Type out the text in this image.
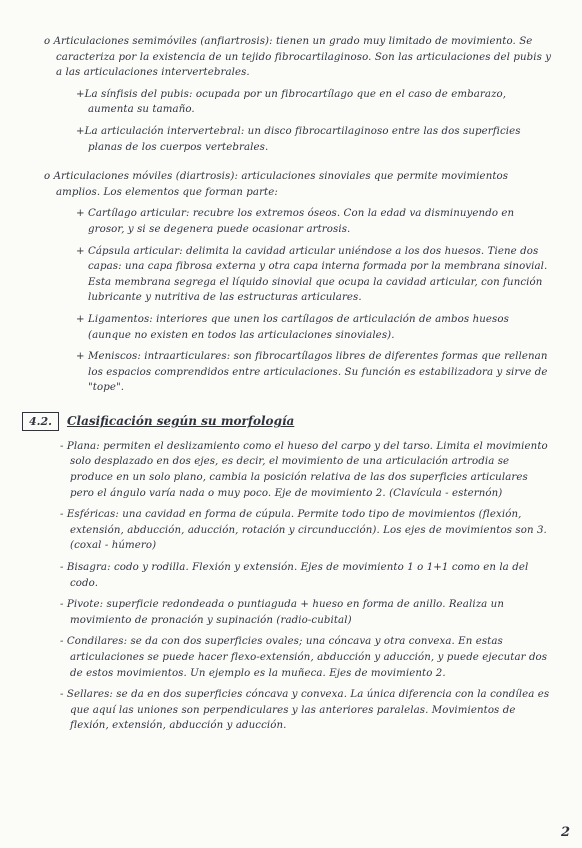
o Articulaciones semimóviles (anfiartrosis): tienen un grado muy limitado de movimiento. Se caracteriza por la existencia de un tejido fibrocartilaginoso. Son las articulaciones del pubis y a las articulaciones intervertebrales.
+La sínfisis del pubis: ocupada por un fibrocartílago que en el caso de embarazo, aumenta su tamaño.
+La articulación intervertebral: un disco fibrocartilaginoso entre las dos superficies planas de los cuerpos vertebrales.
o Articulaciones móviles (diartrosis): articulaciones sinoviales que permite movimientos amplios. Los elementos que forman parte:
+ Cartílago articular: recubre los extremos óseos. Con la edad va disminuyendo en grosor, y si se degenera puede ocasionar artrosis.
+ Cápsula articular: delimita la cavidad articular uniéndose a los dos huesos. Tiene dos capas: una capa fibrosa externa y otra capa interna formada por la membrana sinovial. Esta membrana segrega el líquido sinovial que ocupa la cavidad articular, con función lubricante y nutritiva de las estructuras articulares.
+ Ligamentos: interiores que unen los cartílagos de articulación de ambos huesos (aunque no existen en todos las articulaciones sinoviales).
+ Meniscos: intraarticulares: son fibrocartílagos libres de diferentes formas que rellenan los espacios comprendidos entre articulaciones. Su función es estabilizadora y sirve de "tope".
4.2.	Clasificación según su morfología
- Plana: permiten el deslizamiento como el hueso del carpo y del tarso. Limita el movimiento solo desplazado en dos ejes, es decir, el movimiento de una articulación artrodia se produce en un solo plano, cambia la posición relativa de las dos superficies articulares pero el ángulo varía nada o muy poco. Eje de movimiento 2. (Clavícula - esternón)
- Esféricas: una cavidad en forma de cúpula. Permite todo tipo de movimientos (flexión, extensión, abducción, aducción, rotación y circunducción). Los ejes de movimientos son 3. (coxal - húmero)
- Bisagra: codo y rodilla. Flexión y extensión. Ejes de movimiento 1 o 1+1 como en la del codo.
- Pivote: superficie redondeada o puntiaguda + hueso en forma de anillo. Realiza un movimiento de pronación y supinación (radio-cubital)
- Condilares: se da con dos superficies ovales; una cóncava y otra convexa. En estas articulaciones se puede hacer flexo-extensión, abducción y aducción, y puede ejecutar dos de estos movimientos. Un ejemplo es la muñeca. Ejes de movimiento 2.
- Sellares: se da en dos superficies cóncava y convexa. La única diferencia con la condílea es que aquí las uniones son perpendiculares y las anteriores paralelas. Movimientos de flexión, extensión, abducción y aducción.
2
